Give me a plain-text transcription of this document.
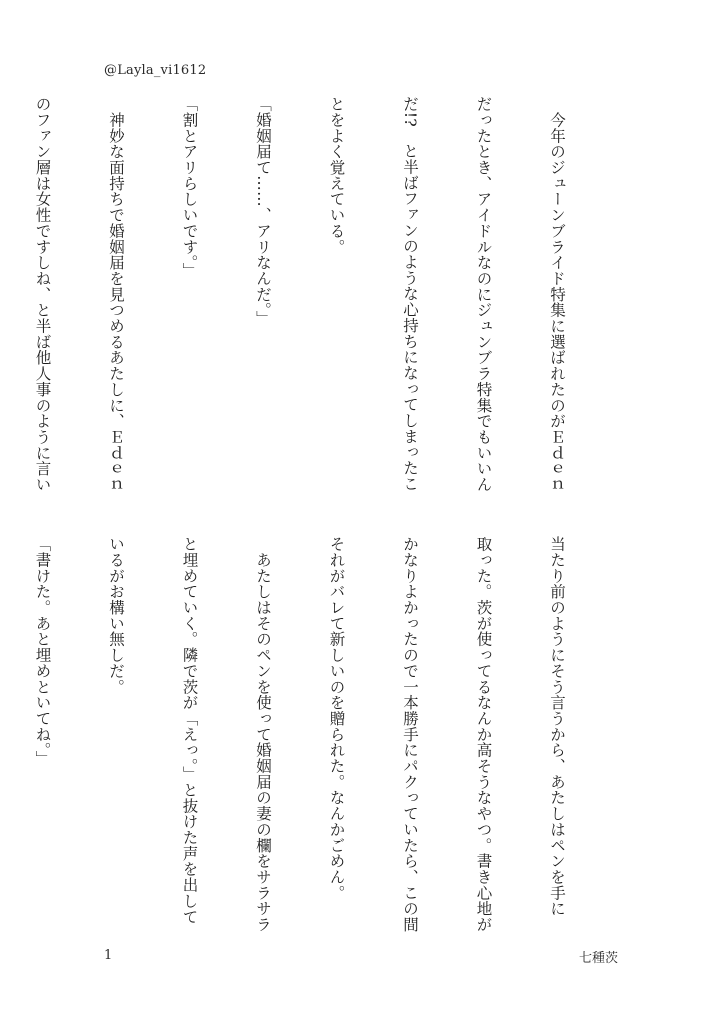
@Layla_vi1612

　今年のジューンブライド特集に選ばれたのがＥｄｅｎ

だったとき、アイドルなのにジュンブラ特集でもいいん

だ!?　と半ばファンのような心持ちになってしまったこ

とをよく覚えている。

「婚姻届て……、アリなんだ。」

「割とアリらしいです。」

　神妙な面持ちで婚姻届を見つめるあたしに、Ｅｄｅｎ

のファン層は女性ですしね、と半ば他人事のように言い

当たり前のようにそう言うから、あたしはペンを手に

取った。茨が使ってるなんか高そうなやつ。書き心地が

かなりよかったので一本勝手にパクっていたら、この間

それがバレて新しいのを贈られた。なんかごめん。

　あたしはそのペンを使って婚姻届の妻の欄をサラサラ

と埋めていく。隣で茨が「えっ。」と抜けた声を出して

いるがお構い無しだ。

「書けた。あと埋めといてね。」

1	七種茨
